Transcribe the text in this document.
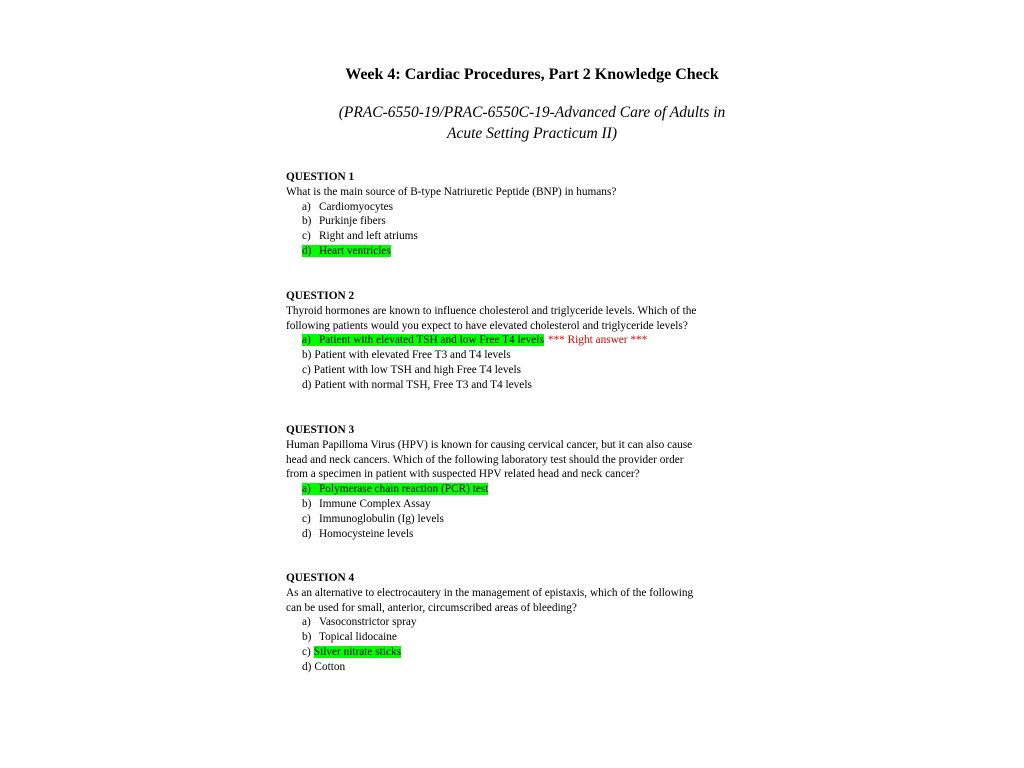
Week 4: Cardiac Procedures, Part 2 Knowledge Check
(PRAC-6550-19/PRAC-6550C-19-Advanced Care of Adults in
Acute Setting Practicum II)

QUESTION 1

What is the main source of B-type Natriuretic Peptide (BNP) in humans?

a) Cardiomyocytes
b) Purkinje fibers
c) Right and left atriums
d) Heart ventricles

QUESTION 2

Thyroid hormones are known to influence cholesterol and triglyceride levels. Which of the
following patients would you expect to have elevated cholesterol and triglyceride levels?

a) Patient with elevated TSH and low Free T4 levels *** Right answer ***
b) Patient with elevated Free T3 and T4 levels
c) Patient with low TSH and high Free T4 levels
d) Patient with normal TSH, Free T3 and T4 levels

QUESTION 3

Human Papilloma Virus (HPV) is known for causing cervical cancer, but it can also cause
head and neck cancers. Which of the following laboratory test should the provider order
from a specimen in patient with suspected HPV related head and neck cancer?

a) Polymerase chain reaction (PCR) test
b) Immune Complex Assay
c) Immunoglobulin (Ig) levels
d) Homocysteine levels

QUESTION 4

As an alternative to electrocautery in the management of epistaxis, which of the following
can be used for small, anterior, circumscribed areas of bleeding?

a) Vasoconstrictor spray
b) Topical lidocaine
c) Silver nitrate sticks
d) Cotton
